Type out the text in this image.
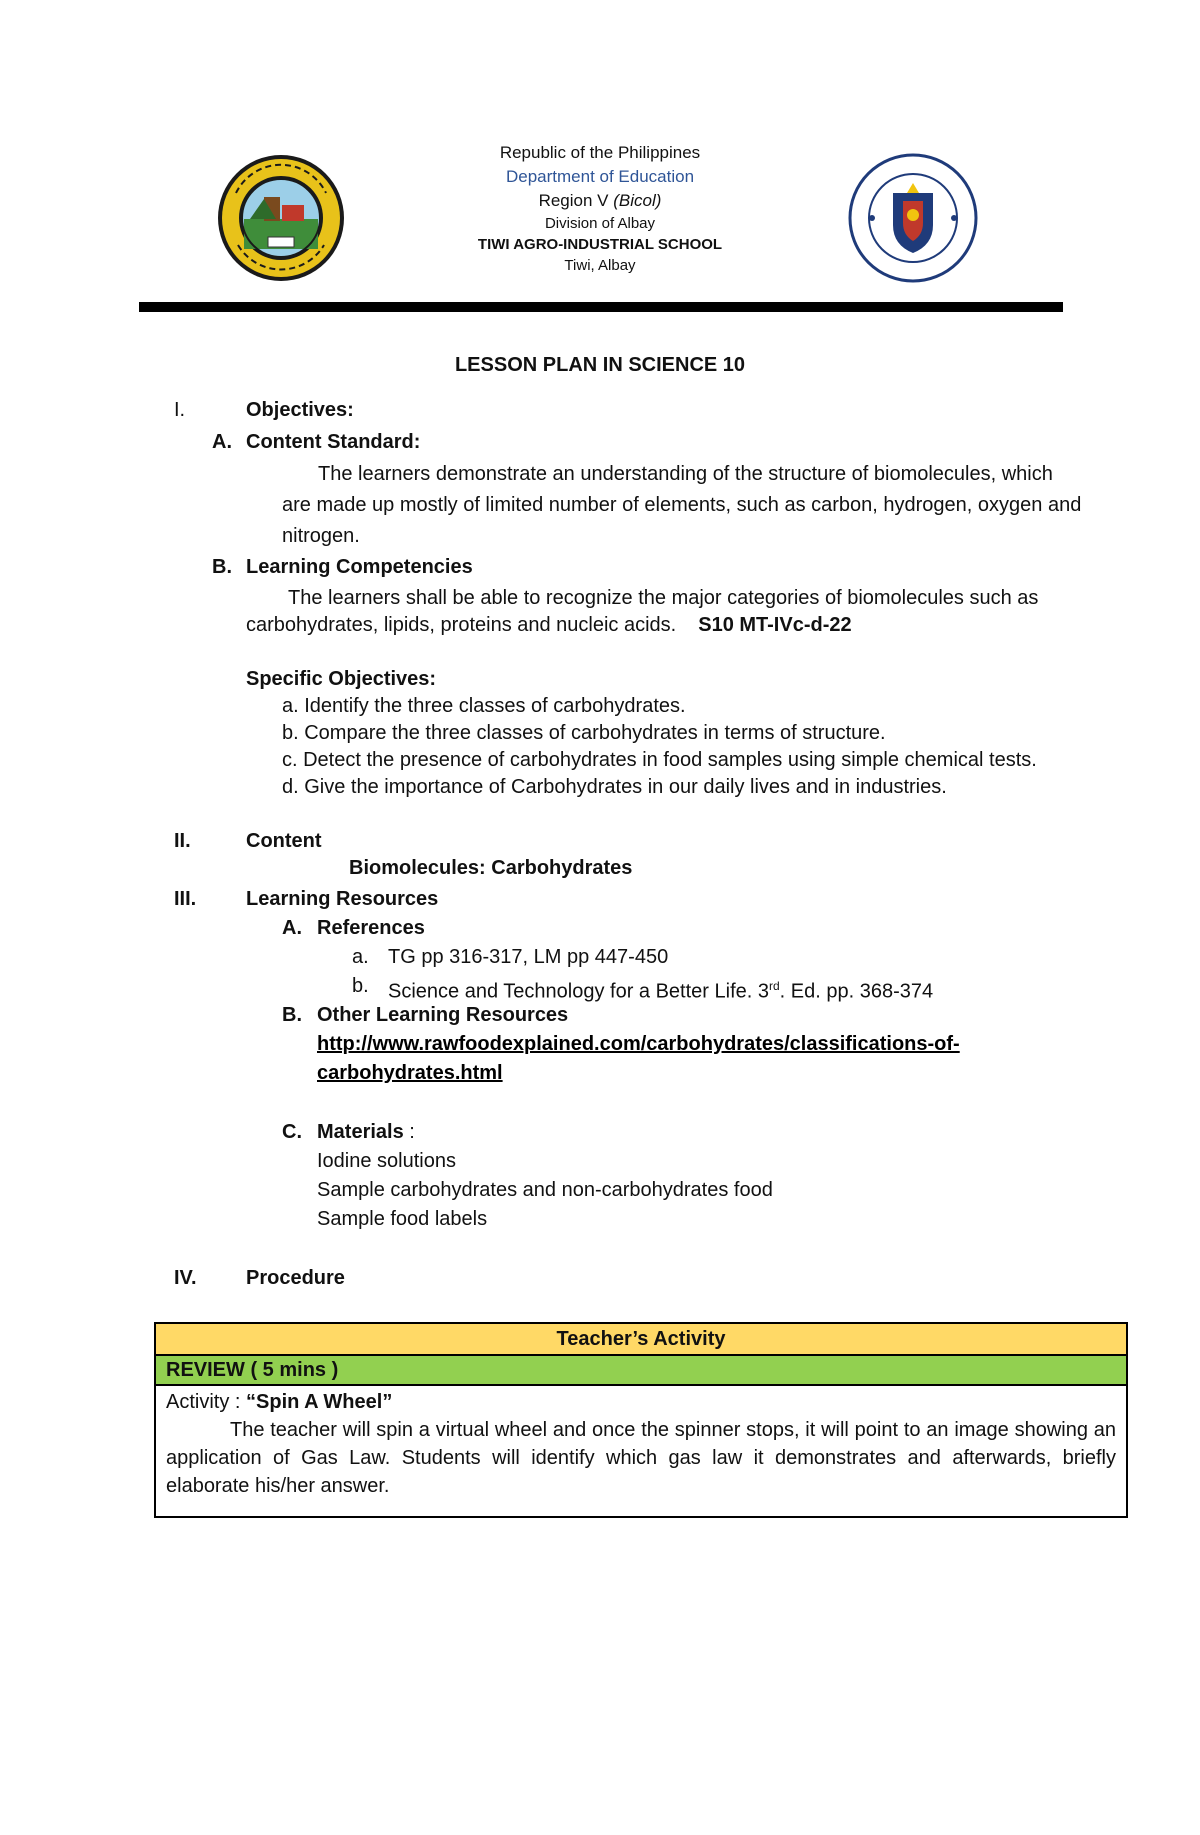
Republic of the Philippines
Department of Education
Region V (Bicol)
Division of Albay
TIWI AGRO-INDUSTRIAL SCHOOL
Tiwi, Albay
LESSON PLAN IN SCIENCE 10
I.	Objectives:
A. Content Standard:
The learners demonstrate an understanding of the structure of biomolecules, which
are made up mostly of limited number of elements, such as carbon, hydrogen, oxygen and
nitrogen.
B. Learning Competencies
The learners shall be able to recognize the major categories of biomolecules such as
carbohydrates, lipids, proteins and nucleic acids. S10 MT-IVc-d-22
Specific Objectives:
a. Identify the three classes of carbohydrates.
b. Compare the three classes of carbohydrates in terms of structure.
c. Detect the presence of carbohydrates in food samples using simple chemical tests.
d. Give the importance of Carbohydrates in our daily lives and in industries.
II.	Content
Biomolecules: Carbohydrates
III. Learning Resources
A. References
a. TG pp 316-317, LM pp 447-450
b. Science and Technology for a Better Life. 3rd. Ed. pp. 368-374
B. Other Learning Resources
http://www.rawfoodexplained.com/carbohydrates/classifications-of-
carbohydrates.html
C. Materials :
Iodine solutions
Sample carbohydrates and non-carbohydrates food
Sample food labels
IV. Procedure
Teacher’s Activity
REVIEW ( 5 mins )
Activity : “Spin A Wheel”

The teacher will spin a virtual wheel and once the spinner stops, it will point to an image showing an application of Gas Law. Students will identify which gas law it demonstrates and afterwards, briefly elaborate his/her answer.
